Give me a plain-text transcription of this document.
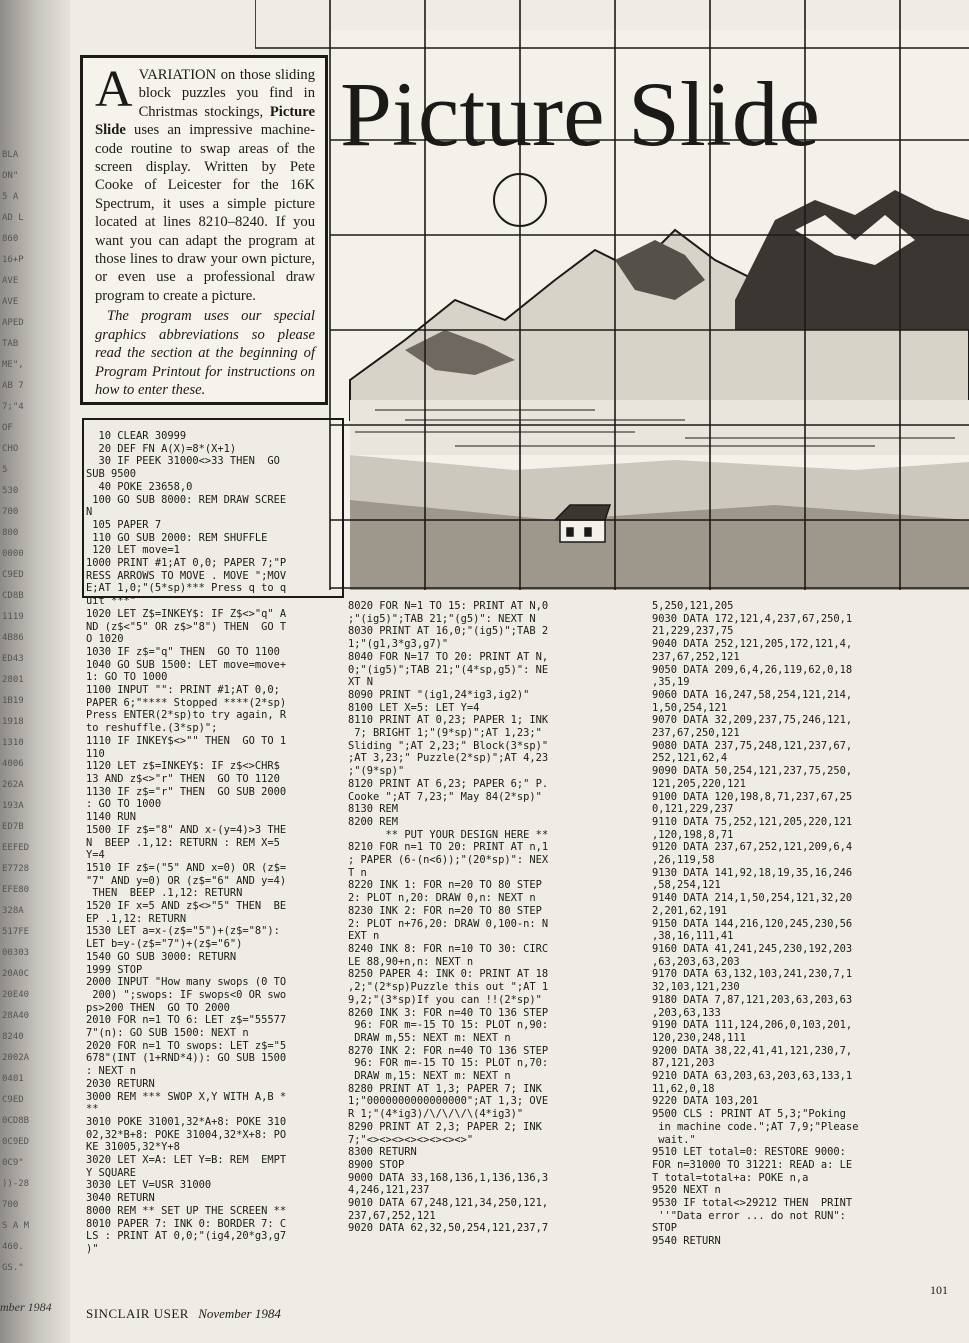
BLA
ON"
5 A
AD L
860
16+P
AVE
AVE
APED
TAB
ME",
AB 7
7;"4
OF
CHO
5
530
700
800
0000
C9ED
CD8B
1119
4B86
ED43
2801
1B19
1918
1310
4006
262A
193A
ED7B
EEFED
E7728
EFE80
328A
517FE
00303
20A0C
20E40
28A40
8240
2002A
0401
C9ED
0CD8B
0C9ED
0C9"
))-28
700
S A M
460.
GS."
mber 1984
Picture Slide
A VARIATION on those sliding block puzzles you find in Christmas stockings, Picture Slide uses an impressive machine-code routine to swap areas of the screen display. Written by Pete Cooke of Leicester for the 16K Spectrum, it uses a simple picture located at lines 8210–8240. If you want you can adapt the program at those lines to draw your own picture, or even use a professional draw program to create a picture.
The program uses our special graphics abbreviations so please read the section at the beginning of Program Printout for instructions on how to enter these.
10 CLEAR 30999
20 DEF FN A(X)=8*(X+1)
30 IF PEEK 31000<>33 THEN  GO
SUB 9500
40 POKE 23658,0
100 GO SUB 8000: REM DRAW SCREE
N
105 PAPER 7
110 GO SUB 2000: REM SHUFFLE
120 LET move=1
1000 PRINT #1;AT 0,0; PAPER 7;"P
RESS ARROWS TO MOVE . MOVE ";MOV
E;AT 1,0;"(5*sp)*** Press q to q
uit ***"
1020 LET Z$=INKEY$: IF Z$<>"q" A
ND (z$<"5" OR z$>"8") THEN  GO T
O 1020
1030 IF z$="q" THEN  GO TO 1100
1040 GO SUB 1500: LET move=move+
1: GO TO 1000
1100 INPUT "": PRINT #1;AT 0,0;
PAPER 6;"**** Stopped ****(2*sp)
Press ENTER(2*sp)to try again, R
to reshuffle.(3*sp)";
1110 IF INKEY$<>"" THEN  GO TO 1
110
1120 LET z$=INKEY$: IF z$<>CHR$
13 AND z$<>"r" THEN  GO TO 1120
1130 IF z$="r" THEN  GO SUB 2000
: GO TO 1000
1140 RUN
1500 IF z$="8" AND x-(y=4)>3 THE
N  BEEP .1,12: RETURN : REM X=5
Y=4
1510 IF z$=("5" AND x=0) OR (z$=
"7" AND y=0) OR (z$="6" AND y=4)
THEN  BEEP .1,12: RETURN
1520 IF x=5 AND z$<>"5" THEN  BE
EP .1,12: RETURN
1530 LET a=x-(z$="5")+(z$="8"):
LET b=y-(z$="7")+(z$="6")
1540 GO SUB 3000: RETURN
1999 STOP
2000 INPUT "How many swops (0 TO
200) ";swops: IF swops<0 OR swo
ps>200 THEN  GO TO 2000
2010 FOR n=1 TO 6: LET z$="55577
7"(n): GO SUB 1500: NEXT n
2020 FOR n=1 TO swops: LET z$="5
678"(INT (1+RND*4)): GO SUB 1500
: NEXT n
2030 RETURN
3000 REM *** SWOP X,Y WITH A,B *
**
3010 POKE 31001,32*A+8: POKE 310
02,32*B+8: POKE 31004,32*X+8: PO
KE 31005,32*Y+8
3020 LET X=A: LET Y=B: REM  EMPT
Y SQUARE
3030 LET V=USR 31000
3040 RETURN
8000 REM ** SET UP THE SCREEN **
8010 PAPER 7: INK 0: BORDER 7: C
LS : PRINT AT 0,0;"(ig4,20*g3,g7
)"
8020 FOR N=1 TO 15: PRINT AT N,0
;"(ig5)";TAB 21;"(g5)": NEXT N
8030 PRINT AT 16,0;"(ig5)";TAB 2
1;"(g1,3*g3,g7)"
8040 FOR N=17 TO 20: PRINT AT N,
0;"(ig5)";TAB 21;"(4*sp,g5)": NE
XT N
8090 PRINT "(ig1,24*ig3,ig2)"
8100 LET X=5: LET Y=4
8110 PRINT AT 0,23; PAPER 1; INK
7; BRIGHT 1;"(9*sp)";AT 1,23;"
Sliding ";AT 2,23;" Block(3*sp)"
;AT 3,23;" Puzzle(2*sp)";AT 4,23
;"(9*sp)"
8120 PRINT AT 6,23; PAPER 6;" P.
Cooke ";AT 7,23;" May 84(2*sp)"
8130 REM
8200 REM
** PUT YOUR DESIGN HERE **
8210 FOR n=1 TO 20: PRINT AT n,1
; PAPER (6-(n<6));"(20*sp)": NEX
T n
8220 INK 1: FOR n=20 TO 80 STEP
2: PLOT n,20: DRAW 0,n: NEXT n
8230 INK 2: FOR n=20 TO 80 STEP
2: PLOT n+76,20: DRAW 0,100-n: N
EXT n
8240 INK 8: FOR n=10 TO 30: CIRC
LE 88,90+n,n: NEXT n
8250 PAPER 4: INK 0: PRINT AT 18
,2;"(2*sp)Puzzle this out ";AT 1
9,2;"(3*sp)If you can !!(2*sp)"
8260 INK 3: FOR n=40 TO 136 STEP
96: FOR m=-15 TO 15: PLOT n,90:
DRAW m,55: NEXT m: NEXT n
8270 INK 2: FOR n=40 TO 136 STEP
96: FOR m=-15 TO 15: PLOT n,70:
DRAW m,15: NEXT m: NEXT n
8280 PRINT AT 1,3; PAPER 7; INK
1;"0000000000000000";AT 1,3; OVE
R 1;"(4*ig3)/\/\/\/\(4*ig3)"
8290 PRINT AT 2,3; PAPER 2; INK
7;"<><><><><><><><>"
8300 RETURN
8900 STOP
9000 DATA 33,168,136,1,136,136,3
4,246,121,237
9010 DATA 67,248,121,34,250,121,
237,67,252,121
9020 DATA 62,32,50,254,121,237,7
5,250,121,205
9030 DATA 172,121,4,237,67,250,1
21,229,237,75
9040 DATA 252,121,205,172,121,4,
237,67,252,121
9050 DATA 209,6,4,26,119,62,0,18
,35,19
9060 DATA 16,247,58,254,121,214,
1,50,254,121
9070 DATA 32,209,237,75,246,121,
237,67,250,121
9080 DATA 237,75,248,121,237,67,
252,121,62,4
9090 DATA 50,254,121,237,75,250,
121,205,220,121
9100 DATA 120,198,8,71,237,67,25
0,121,229,237
9110 DATA 75,252,121,205,220,121
,120,198,8,71
9120 DATA 237,67,252,121,209,6,4
,26,119,58
9130 DATA 141,92,18,19,35,16,246
,58,254,121
9140 DATA 214,1,50,254,121,32,20
2,201,62,191
9150 DATA 144,216,120,245,230,56
,38,16,111,41
9160 DATA 41,241,245,230,192,203
,63,203,63,203
9170 DATA 63,132,103,241,230,7,1
32,103,121,230
9180 DATA 7,87,121,203,63,203,63
,203,63,133
9190 DATA 111,124,206,0,103,201,
120,230,248,111
9200 DATA 38,22,41,41,121,230,7,
87,121,203
9210 DATA 63,203,63,203,63,133,1
11,62,0,18
9220 DATA 103,201
9500 CLS : PRINT AT 5,3;"Poking
in machine code.";AT 7,9;"Please
wait."
9510 LET total=0: RESTORE 9000:
FOR n=31000 TO 31221: READ a: LE
T total=total+a: POKE n,a
9520 NEXT n
9530 IF total<>29212 THEN  PRINT
''"Data error ... do not RUN":
STOP
9540 RETURN
SINCLAIR USER November 1984
101
